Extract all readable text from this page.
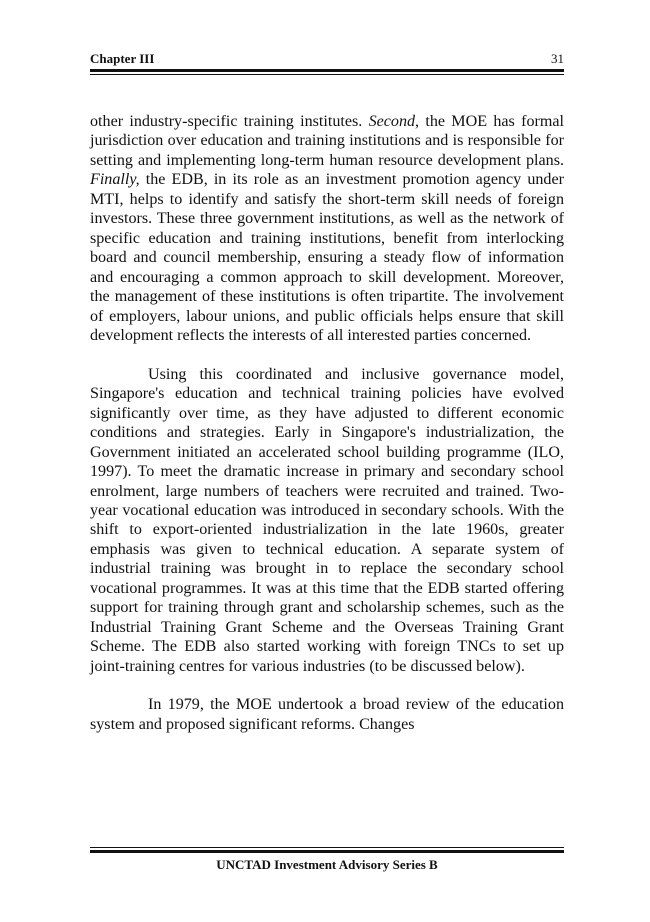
Chapter III	31

other industry-specific training institutes. Second, the MOE has formal jurisdiction over education and training institutions and is responsible for setting and implementing long-term human resource development plans. Finally, the EDB, in its role as an investment promotion agency under MTI, helps to identify and satisfy the short-term skill needs of foreign investors. These three government institutions, as well as the network of specific education and training institutions, benefit from interlocking board and council membership, ensuring a steady flow of information and encouraging a common approach to skill development. Moreover, the management of these institutions is often tripartite. The involvement of employers, labour unions, and public officials helps ensure that skill development reflects the interests of all interested parties concerned.

Using this coordinated and inclusive governance model, Singapore's education and technical training policies have evolved significantly over time, as they have adjusted to different economic conditions and strategies. Early in Singapore's industrialization, the Government initiated an accelerated school building programme (ILO, 1997). To meet the dramatic increase in primary and secondary school enrolment, large numbers of teachers were recruited and trained. Two-year vocational education was introduced in secondary schools. With the shift to export-oriented industrialization in the late 1960s, greater emphasis was given to technical education. A separate system of industrial training was brought in to replace the secondary school vocational programmes. It was at this time that the EDB started offering support for training through grant and scholarship schemes, such as the Industrial Training Grant Scheme and the Overseas Training Grant Scheme. The EDB also started working with foreign TNCs to set up joint-training centres for various industries (to be discussed below).

In 1979, the MOE undertook a broad review of the education system and proposed significant reforms. Changes

UNCTAD Investment Advisory Series B
